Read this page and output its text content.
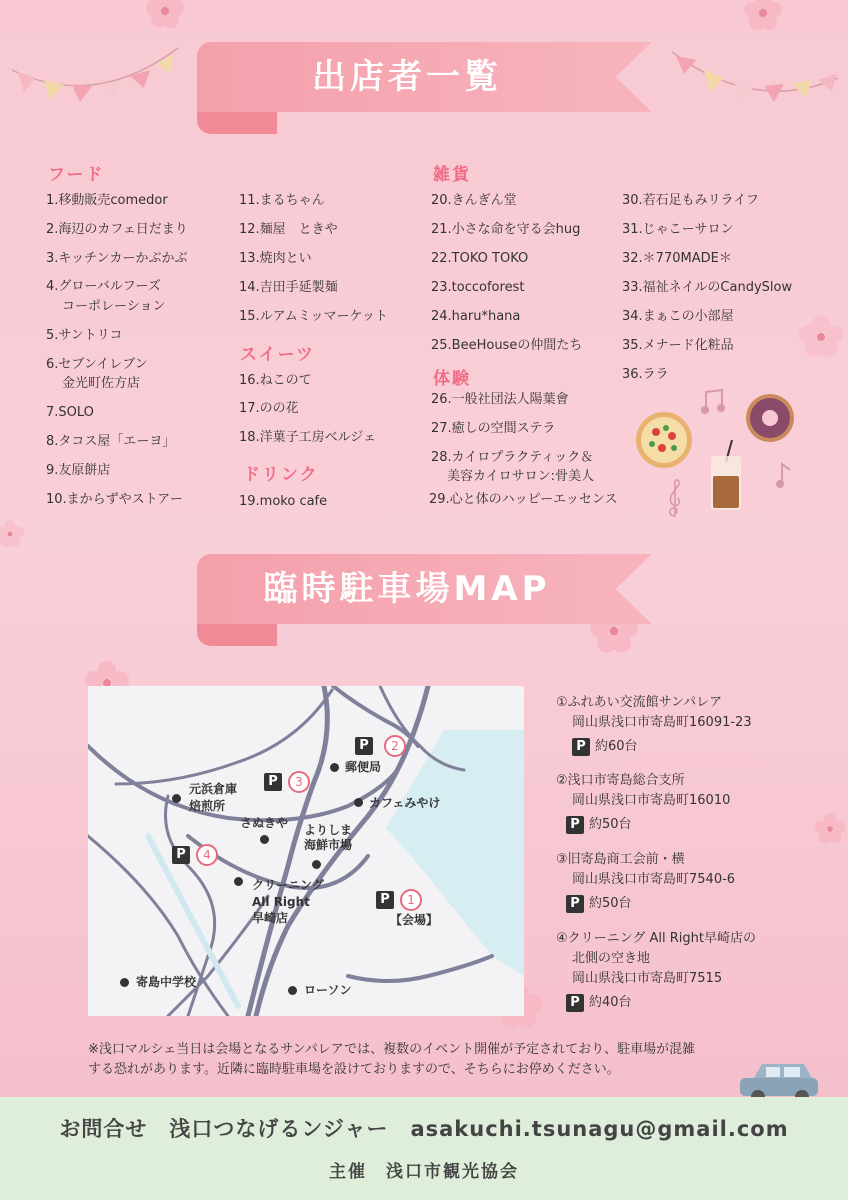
出店者一覧
フード
1.移動販売comedor
2.海辺のカフェ日だまり
3.キッチンカーかぶかぶ
4.グローバルフーズ
コーポレーション
5.サントリコ
6.セブンイレブン
金光町佐方店
7.SOLO
8.タコス屋「エーヨ」
9.友原餅店
10.まからずやストアー
11.まるちゃん
12.麺屋　ときや
13.焼肉とい
14.吉田手延製麺
15.ルアムミッマーケット
スイーツ
16.ねこのて
17.のの花
18.洋菓子工房ベルジェ
ドリンク
19.moko cafe
雑貨
20.きんぎん堂
21.小さな命を守る会hug
22.TOKO TOKO
23.toccoforest
24.haru*hana
25.BeeHouseの仲間たち
30.若石足もみリライフ
31.じゃこーサロン
32.＊770MADE＊
33.福祉ネイルのCandySlow
34.まぁこの小部屋
35.メナード化粧品
36.ララ
体験
26.一般社団法人陽葉會
27.癒しの空間ステラ
28.カイロプラクティック＆
美容カイロサロン:骨美人
29.心と体のハッピーエッセンス
臨時駐車場MAP
P	2
P	3
P	4
P	1
郵便局
カフェみやけ
元浜倉庫
焙煎所
さぬきや よりしま
海鮮市場
クリーニング
All Right
早崎店	【会場】
寄島中学校
ローソン
①ふれあい交流館サンパレア
岡山県浅口市寄島町16091-23
P 約60台
②浅口市寄島総合支所
岡山県浅口市寄島町16010
P 約50台
③旧寄島商工会前・横
岡山県浅口市寄島町7540-6
P 約50台
④クリーニング All Right早崎店の
北側の空き地
岡山県浅口市寄島町7515
P 約40台
※浅口マルシェ当日は会場となるサンパレアでは、複数のイベント開催が予定されており、駐車場が混雑
する恐れがあります。近隣に臨時駐車場を設けておりますので、そちらにお停めください。
お問合せ　浅口つなげるンジャー　asakuchi.tsunagu@gmail.com
主催　浅口市観光協会
